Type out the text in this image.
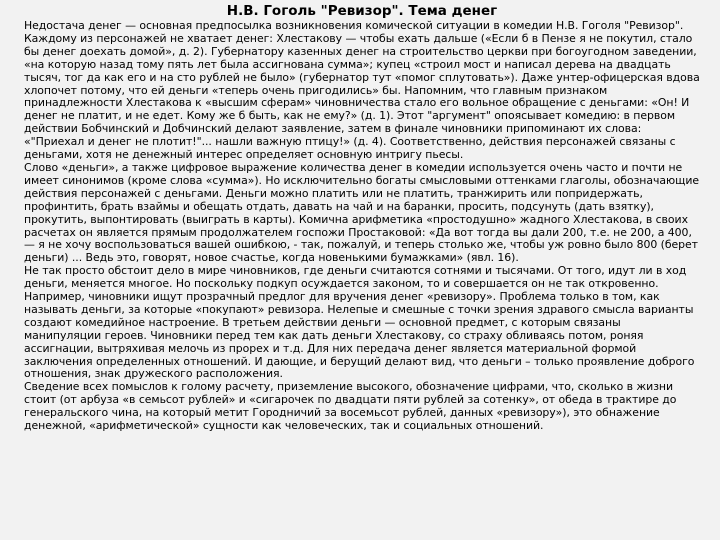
Н.В. Гоголь "Ревизор". Тема денег

Недостача денег — основная предпосылка возникновения комической ситуации в комедии Н.В. Гоголя "Ревизор". Каждому из персонажей не хватает денег: Хлестакову — чтобы ехать дальше («Если б в Пензе я не покутил, стало бы денег доехать домой», д. 2). Губернатору казенных денег на строительство церкви при богоугодном заведении, «на которую назад тому пять лет была ассигнована сумма»; купец «строил мост и написал дерева на двадцать тысяч, тог да как его и на сто рублей не было» (губернатор тут «помог сплутовать»). Даже унтер-офицерская вдова хлопочет потому, что ей деньги «теперь очень пригодились» бы. Напомним, что главным признаком принадлежности Хлестакова к «высшим сферам» чиновничества стало его вольное обращение с деньгами: «Он! И денег не платит, и не едет. Кому же б быть, как не ему?» (д. 1). Этот "аргумент" опоясывает комедию: в первом действии Бобчинский и Добчинский делают заявление, затем в финале чиновники припоминают их слова: «"Приехал и денег не плотит!"... нашли важную птицу!» (д. 4). Соответственно, действия персонажей связаны с деньгами, хотя не денежный интерес определяет основную интригу пьесы.

Слово «деньги», а также цифровое выражение количества денег в комедии используется очень часто и почти не имеет синонимов (кроме слова «сумма»). Но исключительно богаты смысловыми оттенками глаголы, обозначающие действия персонажей с деньгами. Деньги можно платить или не платить, транжирить или попридержать, профинтить, брать взаймы и обещать отдать, давать на чай и на баранки, просить, подсунуть (дать взятку), прокутить, выпонтировать (выиграть в карты). Комична арифметика «простодушно» жадного Хлестакова, в своих расчетах он является прямым продолжателем госпожи Простаковой: «Да вот тогда вы дали 200, т.е. не 200, а 400, — я не хочу воспользоваться вашей ошибкою, - так, пожалуй, и теперь столько же, чтобы уж ровно было 800 (берет деньги) ... Ведь это, говорят, новое счастье, когда новенькими бумажками» (явл. 16).

Не так просто обстоит дело в мире чиновников, где деньги считаются сотнями и тысячами. От того, идут ли в ход деньги, меняется многое. Но поскольку подкуп осуждается законом, то и совершается он не так откровенно. Например, чиновники ищут прозрачный предлог для вручения денег «ревизору». Проблема только в том, как называть деньги, за которые «покупают» ревизора. Нелепые и смешные с точки зрения здравого смысла варианты создают комедийное настроение. В третьем действии деньги — основной предмет, с которым связаны манипуляции героев. Чиновники перед тем как дать деньги Хлестакову, со страху обливаясь потом, роняя ассигнации, вытряхивая мелочь из прорех и т.д. Для них передача денег является материальной формой заключения определенных отношений. И дающие, и берущий делают вид, что деньги – только проявление доброго отношения, знак дружеского расположения.

Сведение всех помыслов к голому расчету, приземление высокого, обозначение цифрами, что, сколько в жизни стоит (от арбуза «в семьсот рублей» и «сигарочек по двадцати пяти рублей за сотенку», от обеда в трактире до генеральского чина, на который метит Городничий за восемьсот рублей, данных «ревизору»), это обнажение денежной, «арифметической» сущности как человеческих, так и социальных отношений.
